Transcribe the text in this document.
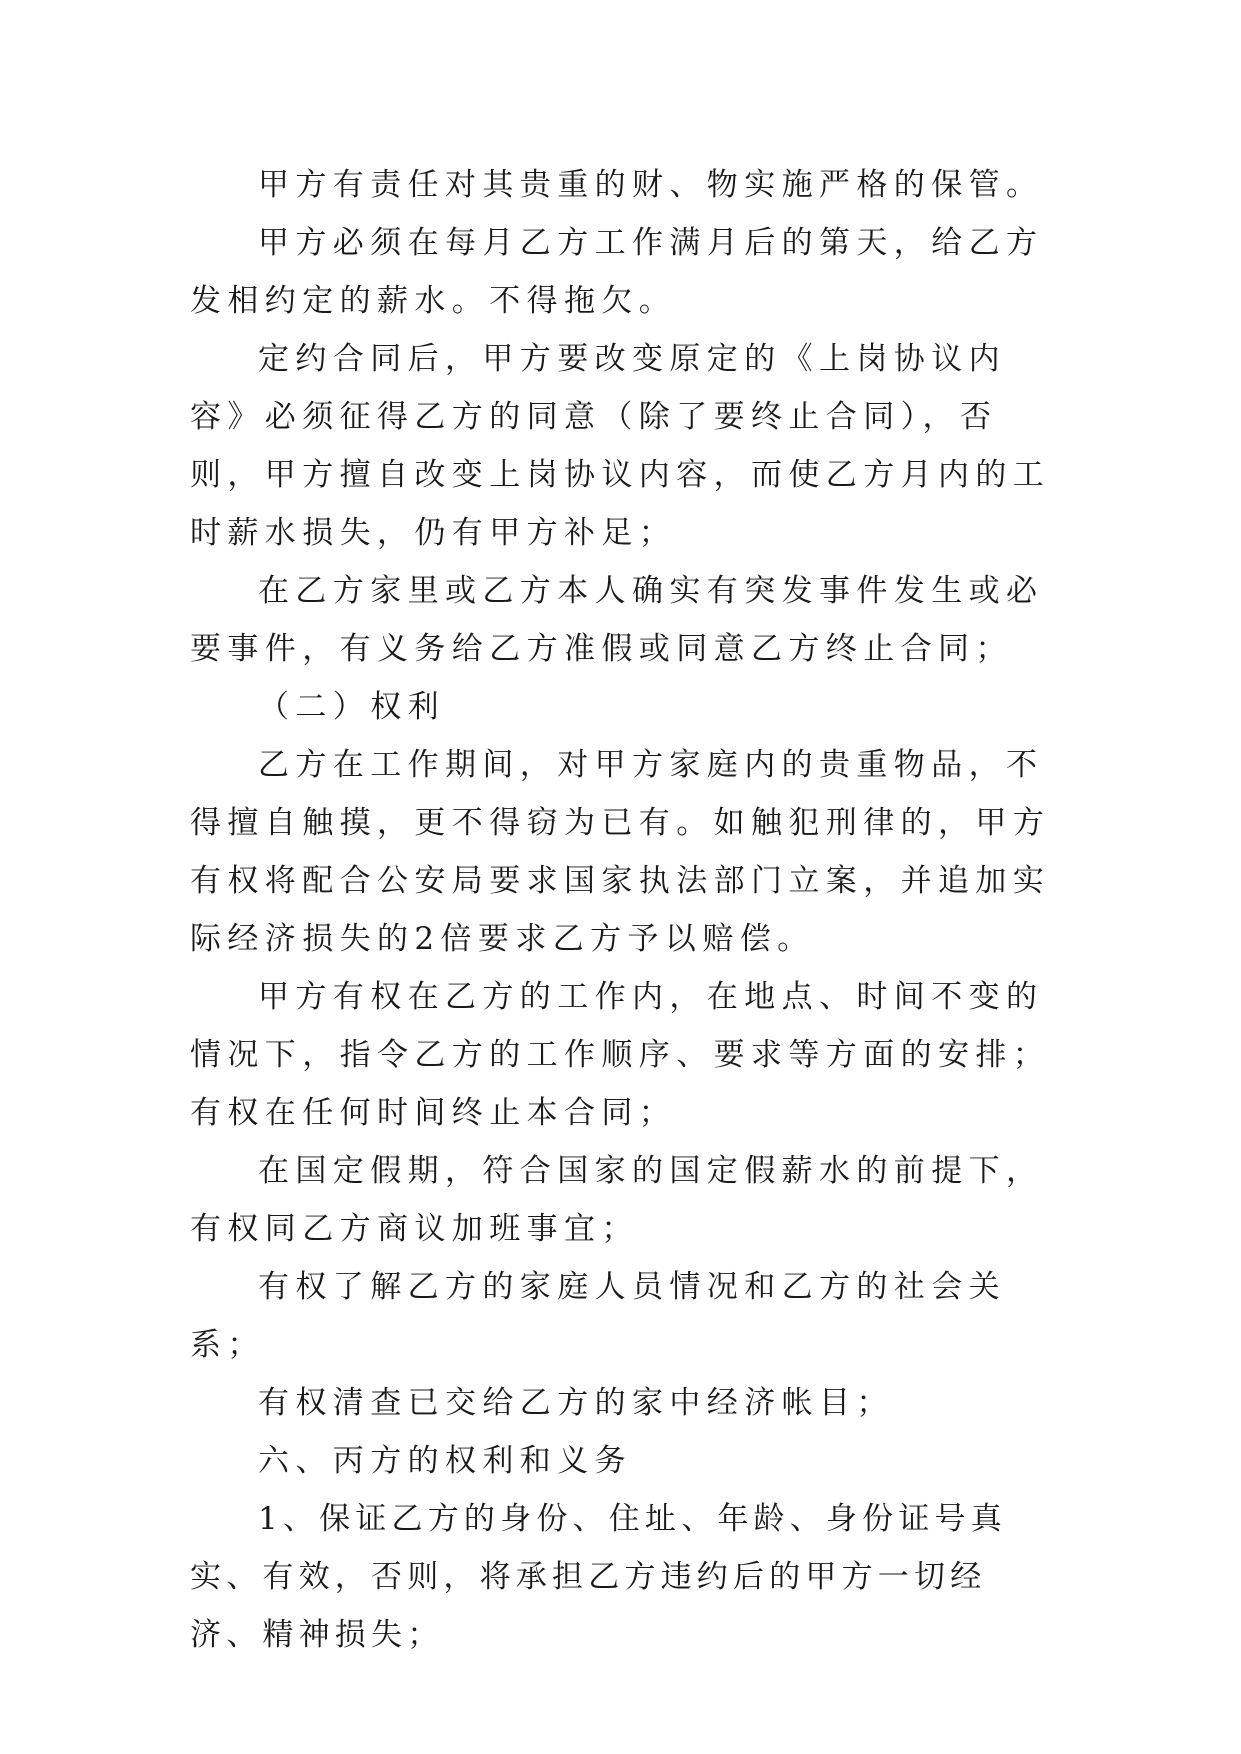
甲方有责任对其贵重的财、物实施严格的保管。

甲方必须在每月乙方工作满月后的第天，给乙方发相约定的薪水。不得拖欠。

定约合同后，甲方要改变原定的《上岗协议内容》必须征得乙方的同意（除了要终止合同），否则，甲方擅自改变上岗协议内容，而使乙方月内的工时薪水损失，仍有甲方补足；

在乙方家里或乙方本人确实有突发事件发生或必要事件，有义务给乙方准假或同意乙方终止合同；

（二）权利

乙方在工作期间，对甲方家庭内的贵重物品，不得擅自触摸，更不得窃为已有。如触犯刑律的，甲方有权将配合公安局要求国家执法部门立案，并追加实际经济损失的2倍要求乙方予以赔偿。

甲方有权在乙方的工作内，在地点、时间不变的情况下，指令乙方的工作顺序、要求等方面的安排；有权在任何时间终止本合同；

在国定假期，符合国家的国定假薪水的前提下，有权同乙方商议加班事宜；

有权了解乙方的家庭人员情况和乙方的社会关系；

有权清查已交给乙方的家中经济帐目；

六、丙方的权利和义务

1、保证乙方的身份、住址、年龄、身份证号真实、有效，否则，将承担乙方违约后的甲方一切经济、精神损失；
